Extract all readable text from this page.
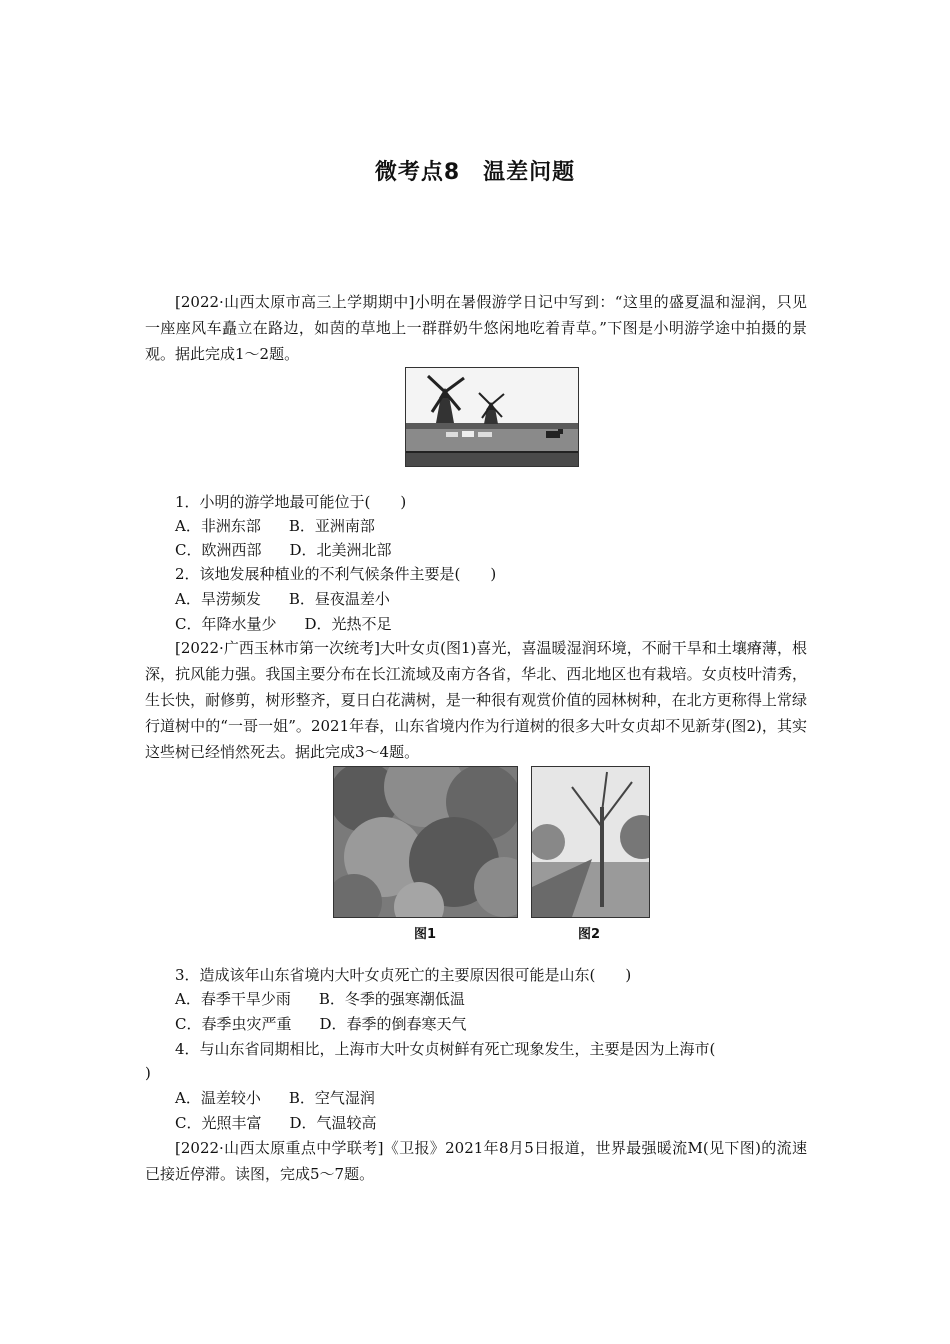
微考点8　温差问题

[2022·山西太原市高三上学期期中]小明在暑假游学日记中写到：“这里的盛夏温和湿润，只见一座座风车矗立在路边，如茵的草地上一群群奶牛悠闲地吃着青草。”下图是小明游学途中拍摄的景观。据此完成1～2题。

1．小明的游学地最可能位于(　　)
A．非洲东部 B．亚洲南部
C．欧洲西部 D．北美洲北部
2．该地发展种植业的不利气候条件主要是(　　)
A．旱涝频发 B．昼夜温差小
C．年降水量少 D．光热不足

[2022·广西玉林市第一次统考]大叶女贞(图1)喜光，喜温暖湿润环境，不耐干旱和土壤瘠薄，根深，抗风能力强。我国主要分布在长江流域及南方各省，华北、西北地区也有栽培。女贞枝叶清秀，生长快，耐修剪，树形整齐，夏日白花满树，是一种很有观赏价值的园林树种，在北方更称得上常绿行道树中的“一哥一姐”。2021年春，山东省境内作为行道树的很多大叶女贞却不见新芽(图2)，其实这些树已经悄然死去。据此完成3～4题。

图1	图2
3．造成该年山东省境内大叶女贞死亡的主要原因很可能是山东(　　)
A．春季干旱少雨 B．冬季的强寒潮低温
C．春季虫灾严重 D．春季的倒春寒天气
4．与山东省同期相比，上海市大叶女贞树鲜有死亡现象发生，主要是因为上海市(
)
A．温差较小 B．空气湿润
C．光照丰富 D．气温较高

[2022·山西太原重点中学联考]《卫报》2021年8月5日报道，世界最强暖流M(见下图)的流速已接近停滞。读图，完成5～7题。
